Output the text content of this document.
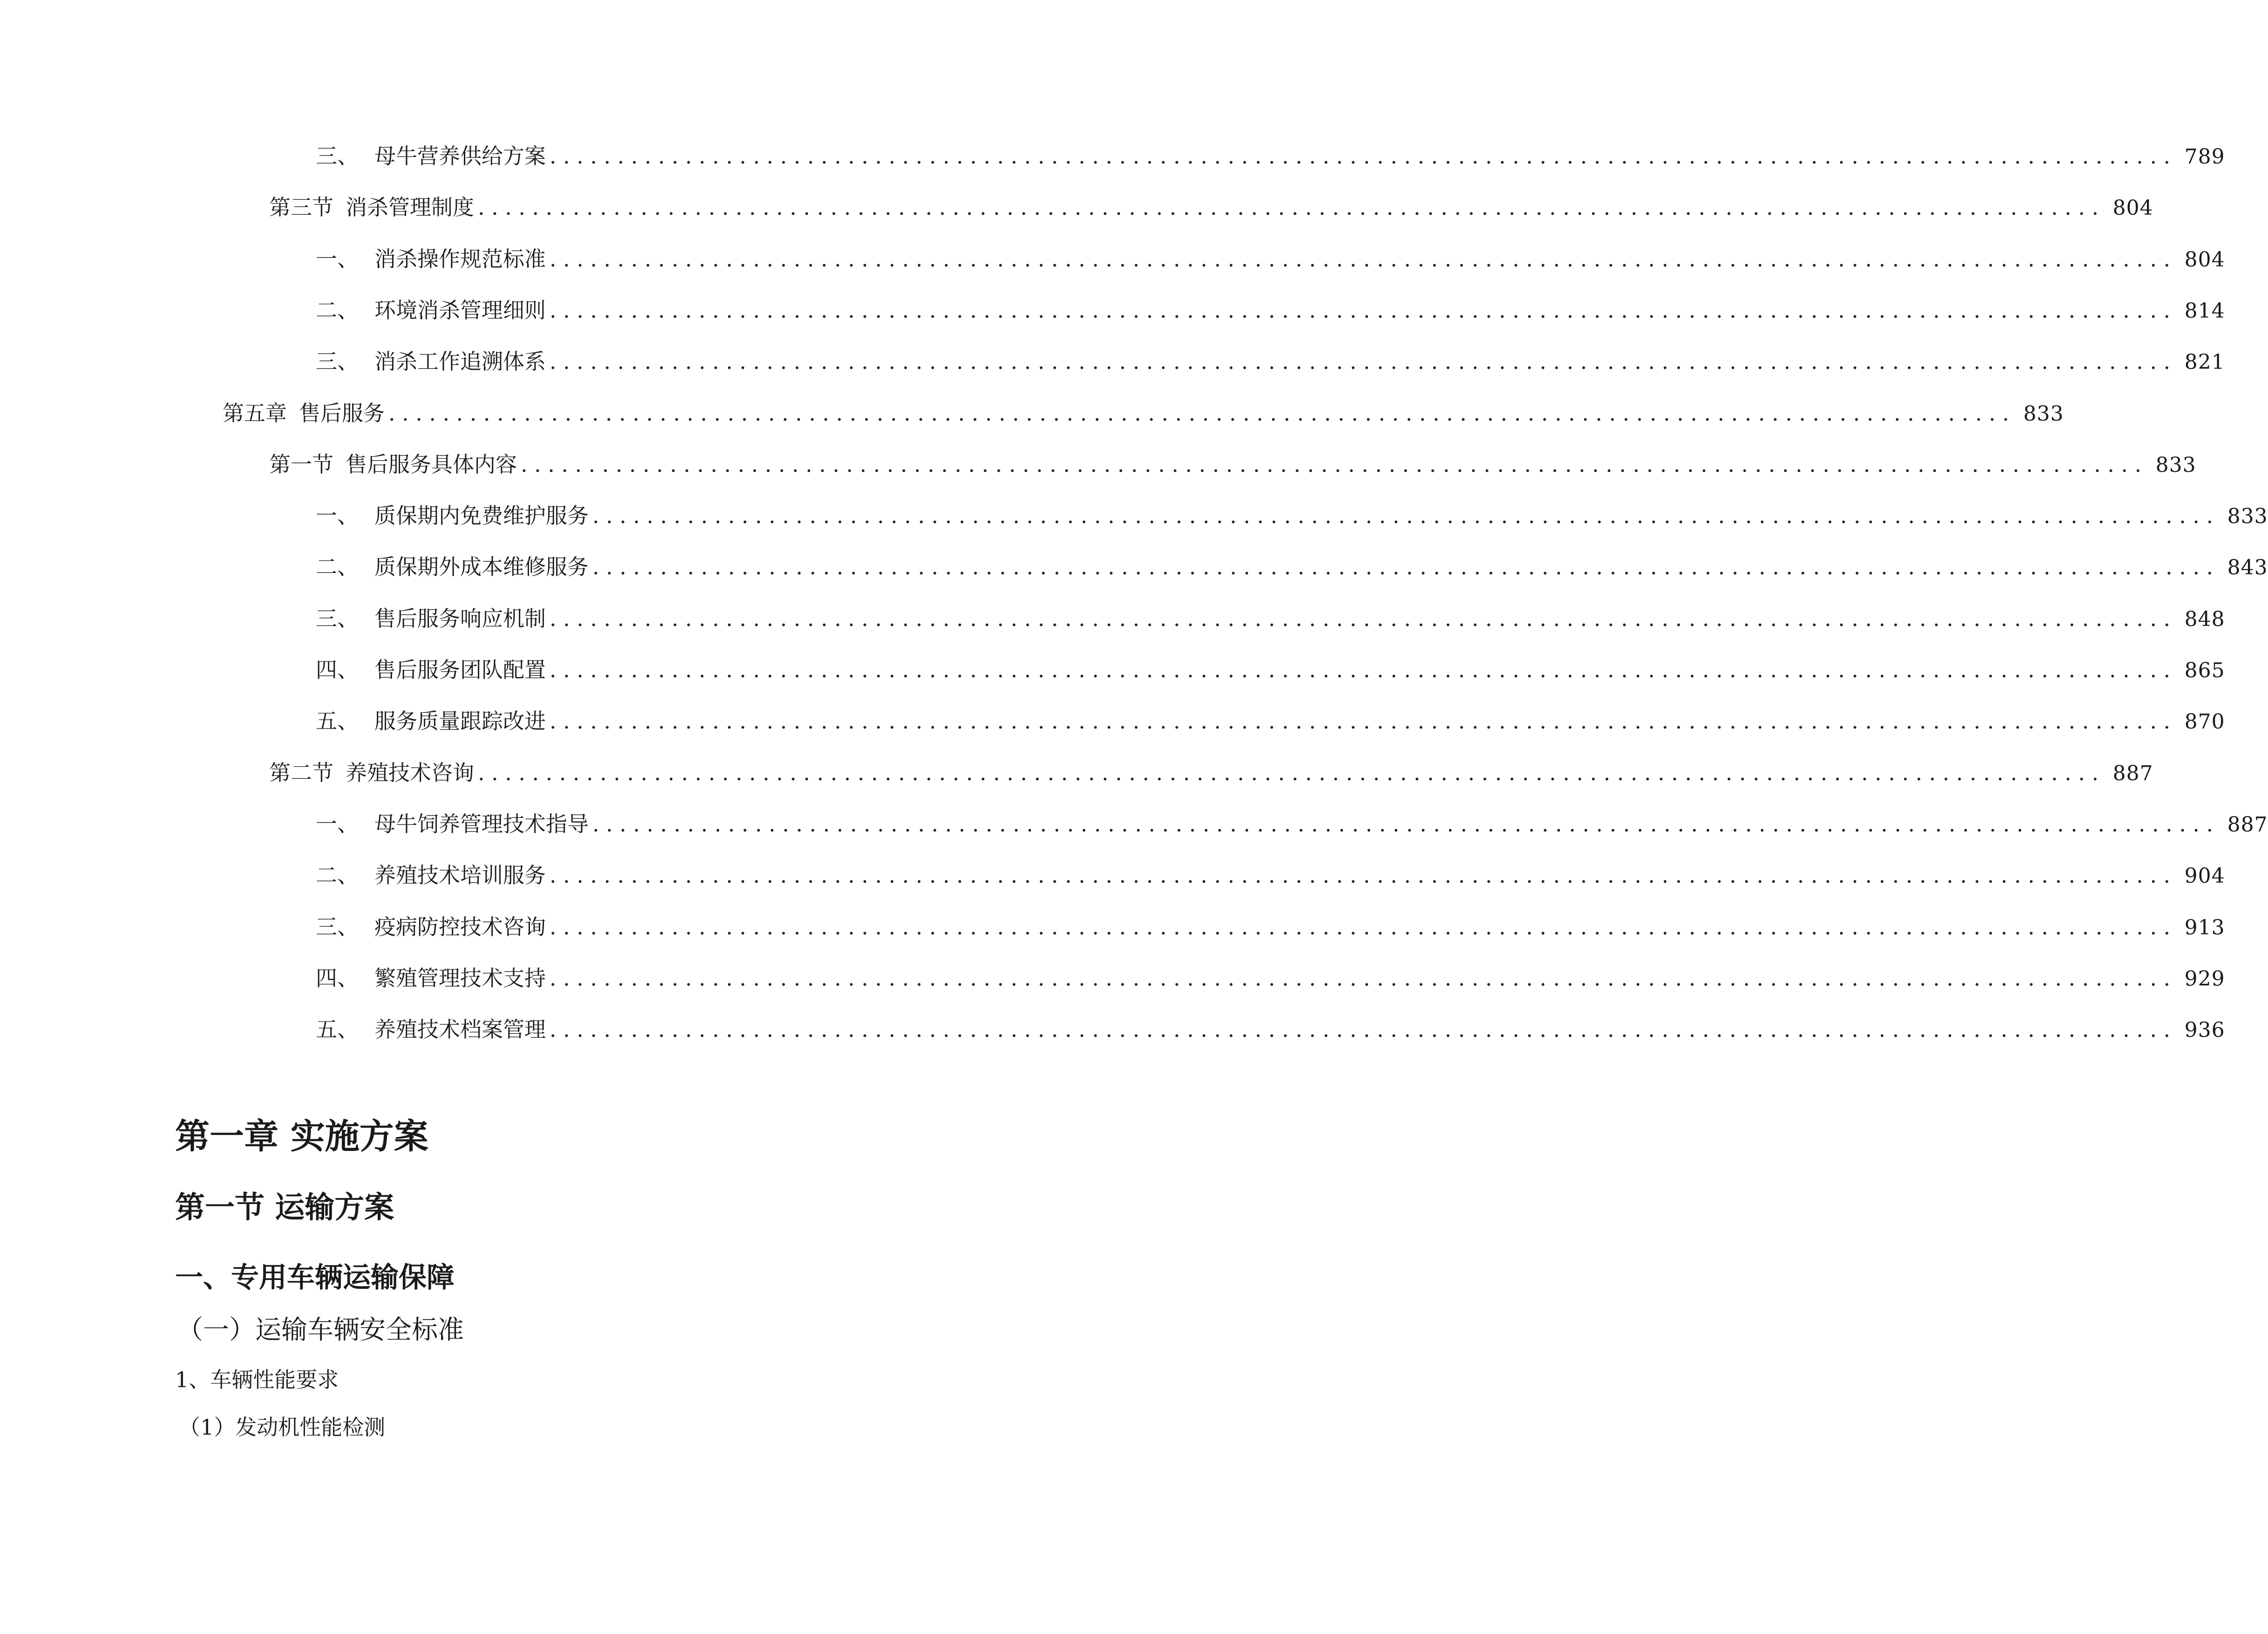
三、 母牛营养供给方案 ........................................................................................................................ 789
第三节 消杀管理制度 ........................................................................................................................ 804
一、 消杀操作规范标准 ........................................................................................................................ 804
二、 环境消杀管理细则 ........................................................................................................................ 814
三、 消杀工作追溯体系 ........................................................................................................................ 821
第五章 售后服务 ........................................................................................................................ 833
第一节 售后服务具体内容 ........................................................................................................................ 833
一、 质保期内免费维护服务 ........................................................................................................................ 833
二、 质保期外成本维修服务 ........................................................................................................................ 843
三、 售后服务响应机制 ........................................................................................................................ 848
四、 售后服务团队配置 ........................................................................................................................ 865
五、 服务质量跟踪改进 ........................................................................................................................ 870
第二节 养殖技术咨询 ........................................................................................................................ 887
一、 母牛饲养管理技术指导 ........................................................................................................................ 887
二、 养殖技术培训服务 ........................................................................................................................ 904
三、 疫病防控技术咨询 ........................................................................................................................ 913
四、 繁殖管理技术支持 ........................................................................................................................ 929
五、 养殖技术档案管理 ........................................................................................................................ 936
第一章 实施方案
第一节 运输方案
一、专用车辆运输保障
（一）运输车辆安全标准
1、车辆性能要求
（1）发动机性能检测
